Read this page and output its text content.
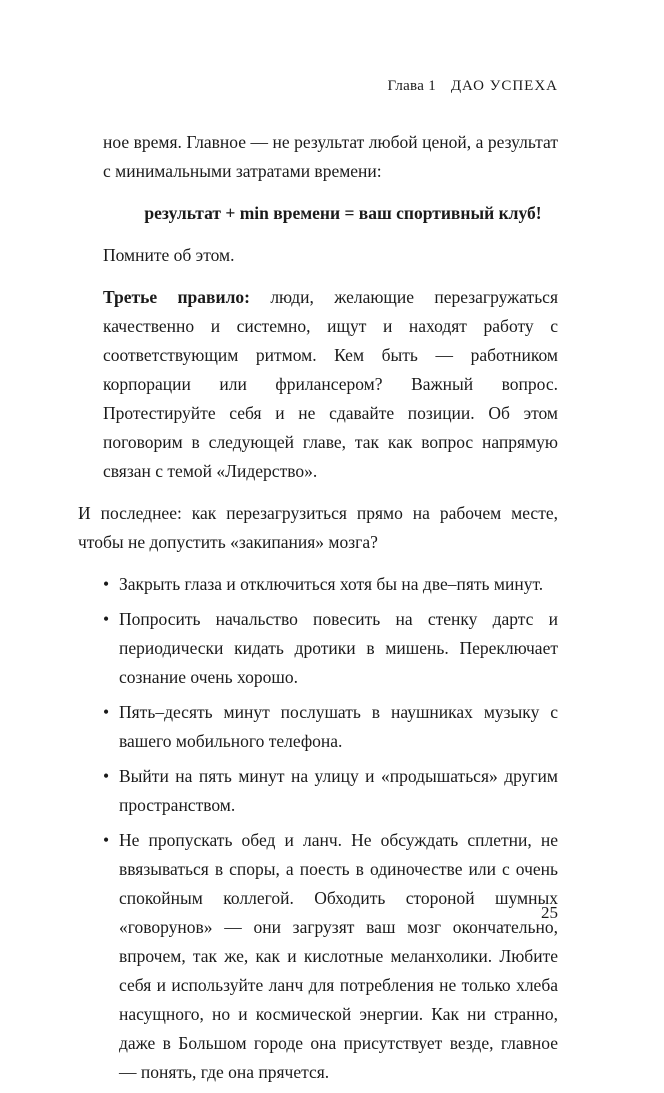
Глава 1 ДАО УСПЕХА

ное время. Главное — не результат любой ценой, а результат с минимальными затратами времени:

результат + min времени = ваш спортивный клуб!

Помните об этом.

Третье правило: люди, желающие перезагружаться качественно и системно, ищут и находят работу с соответствующим ритмом. Кем быть — работником корпорации или фрилансером? Важный вопрос. Протестируйте себя и не сдавайте позиции. Об этом поговорим в следующей главе, так как вопрос напрямую связан с темой «Лидерство».

И последнее: как перезагрузиться прямо на рабочем месте, чтобы не допустить «закипания» мозга?

• Закрыть глаза и отключиться хотя бы на две–пять минут.
• Попросить начальство повесить на стенку дартс и периодически кидать дротики в мишень. Переключает сознание очень хорошо.
• Пять–десять минут послушать в наушниках музыку с вашего мобильного телефона.
• Выйти на пять минут на улицу и «продышаться» другим пространством.
• Не пропускать обед и ланч. Не обсуждать сплетни, не ввязываться в споры, а поесть в одиночестве или с очень спокойным коллегой. Обходить стороной шумных «говорунов» — они загрузят ваш мозг окончательно, впрочем, так же, как и кислотные меланхолики. Любите себя и используйте ланч для потребления не только хлеба насущного, но и космической энергии. Как ни странно, даже в Большом городе она присутствует везде, главное — понять, где она прячется.
25
